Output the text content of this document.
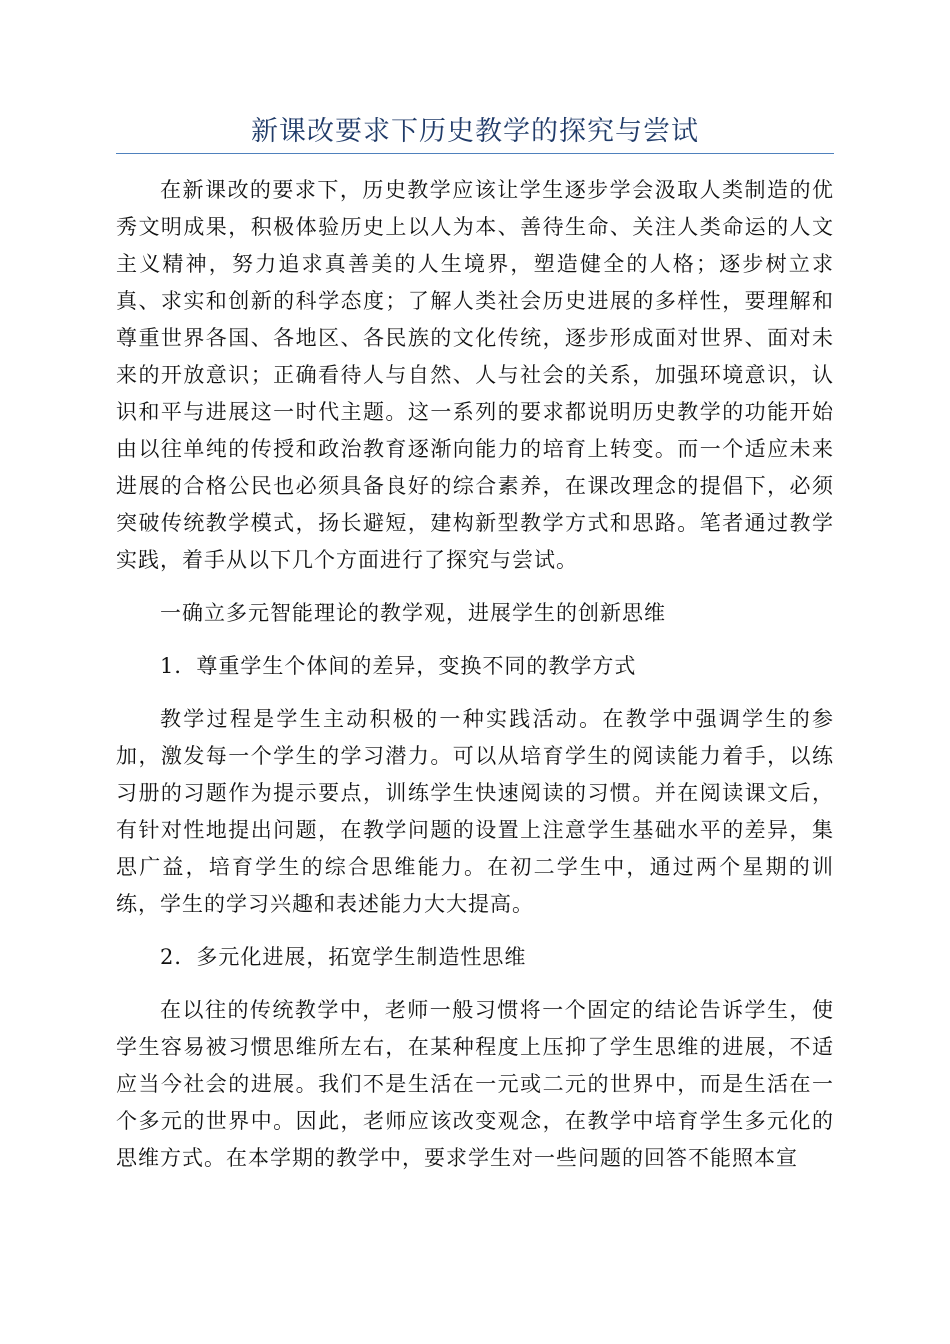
新课改要求下历史教学的探究与尝试

在新课改的要求下，历史教学应该让学生逐步学会汲取人类制造的优秀文明成果，积极体验历史上以人为本、善待生命、关注人类命运的人文主义精神，努力追求真善美的人生境界，塑造健全的人格；逐步树立求真、求实和创新的科学态度；了解人类社会历史进展的多样性，要理解和尊重世界各国、各地区、各民族的文化传统，逐步形成面对世界、面对未来的开放意识；正确看待人与自然、人与社会的关系，加强环境意识，认识和平与进展这一时代主题。这一系列的要求都说明历史教学的功能开始由以往单纯的传授和政治教育逐渐向能力的培育上转变。而一个适应未来进展的合格公民也必须具备良好的综合素养，在课改理念的提倡下，必须突破传统教学模式，扬长避短，建构新型教学方式和思路。笔者通过教学实践，着手从以下几个方面进行了探究与尝试。

一确立多元智能理论的教学观，进展学生的创新思维

1．尊重学生个体间的差异，变换不同的教学方式

教学过程是学生主动积极的一种实践活动。在教学中强调学生的参加，激发每一个学生的学习潜力。可以从培育学生的阅读能力着手，以练习册的习题作为提示要点，训练学生快速阅读的习惯。并在阅读课文后，有针对性地提出问题，在教学问题的设置上注意学生基础水平的差异，集思广益，培育学生的综合思维能力。在初二学生中，通过两个星期的训练，学生的学习兴趣和表述能力大大提高。

2．多元化进展，拓宽学生制造性思维

在以往的传统教学中，老师一般习惯将一个固定的结论告诉学生，使学生容易被习惯思维所左右，在某种程度上压抑了学生思维的进展，不适应当今社会的进展。我们不是生活在一元或二元的世界中，而是生活在一个多元的世界中。因此，老师应该改变观念，在教学中培育学生多元化的思维方式。在本学期的教学中，要求学生对一些问题的回答不能照本宣
